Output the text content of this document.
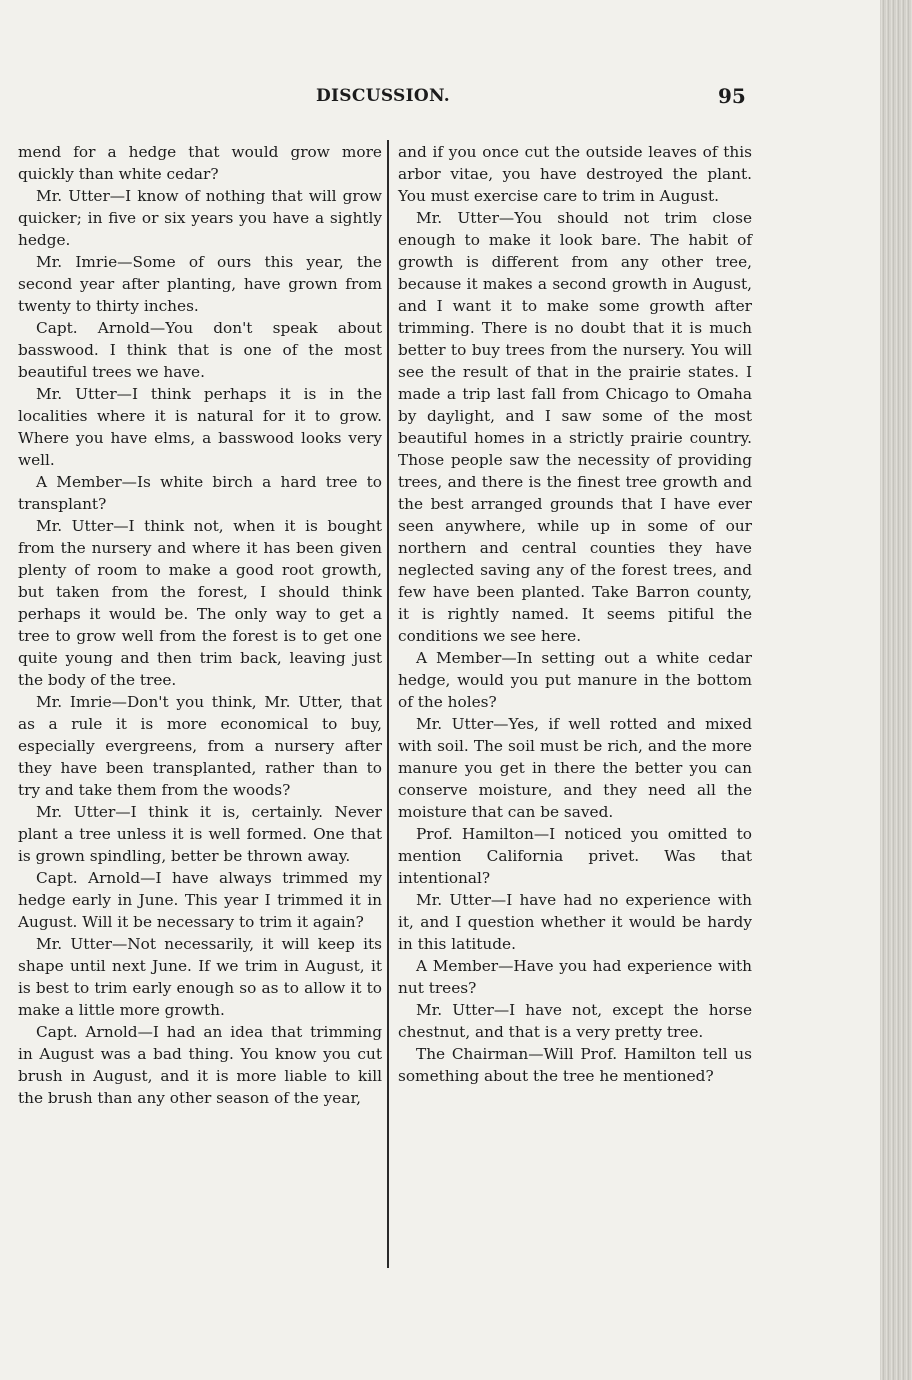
DISCUSSION.	95

mend for a hedge that would grow more quickly than white cedar?

Mr. Utter—I know of nothing that will grow quicker; in five or six years you have a sightly hedge.

Mr. Imrie—Some of ours this year, the second year after planting, have grown from twenty to thirty inches.

Capt. Arnold—You don't speak about basswood. I think that is one of the most beautiful trees we have.

Mr. Utter—I think perhaps it is in the localities where it is natural for it to grow. Where you have elms, a basswood looks very well.

A Member—Is white birch a hard tree to transplant?

Mr. Utter—I think not, when it is bought from the nursery and where it has been given plenty of room to make a good root growth, but taken from the forest, I should think perhaps it would be. The only way to get a tree to grow well from the forest is to get one quite young and then trim back, leaving just the body of the tree.

Mr. Imrie—Don't you think, Mr. Utter, that as a rule it is more economical to buy, especially evergreens, from a nursery after they have been transplanted, rather than to try and take them from the woods?

Mr. Utter—I think it is, certainly. Never plant a tree unless it is well formed. One that is grown spindling, better be thrown away.

Capt. Arnold—I have always trimmed my hedge early in June. This year I trimmed it in August. Will it be necessary to trim it again?

Mr. Utter—Not necessarily, it will keep its shape until next June. If we trim in August, it is best to trim early enough so as to allow it to make a little more growth.

Capt. Arnold—I had an idea that trimming in August was a bad thing. You know you cut brush in August, and it is more liable to kill the brush than any other season of the year,

and if you once cut the outside leaves of this arbor vitae, you have destroyed the plant. You must exercise care to trim in August.

Mr. Utter—You should not trim close enough to make it look bare. The habit of growth is different from any other tree, because it makes a second growth in August, and I want it to make some growth after trimming. There is no doubt that it is much better to buy trees from the nursery. You will see the result of that in the prairie states. I made a trip last fall from Chicago to Omaha by daylight, and I saw some of the most beautiful homes in a strictly prairie country. Those people saw the necessity of providing trees, and there is the finest tree growth and the best arranged grounds that I have ever seen anywhere, while up in some of our northern and central counties they have neglected saving any of the forest trees, and few have been planted. Take Barron county, it is rightly named. It seems pitiful the conditions we see here.

A Member—In setting out a white cedar hedge, would you put manure in the bottom of the holes?

Mr. Utter—Yes, if well rotted and mixed with soil. The soil must be rich, and the more manure you get in there the better you can conserve moisture, and they need all the moisture that can be saved.

Prof. Hamilton—I noticed you omitted to mention California privet. Was that intentional?

Mr. Utter—I have had no experience with it, and I question whether it would be hardy in this latitude.

A Member—Have you had experience with nut trees?

Mr. Utter—I have not, except the horse chestnut, and that is a very pretty tree.

The Chairman—Will Prof. Hamilton tell us something about the tree he mentioned?
